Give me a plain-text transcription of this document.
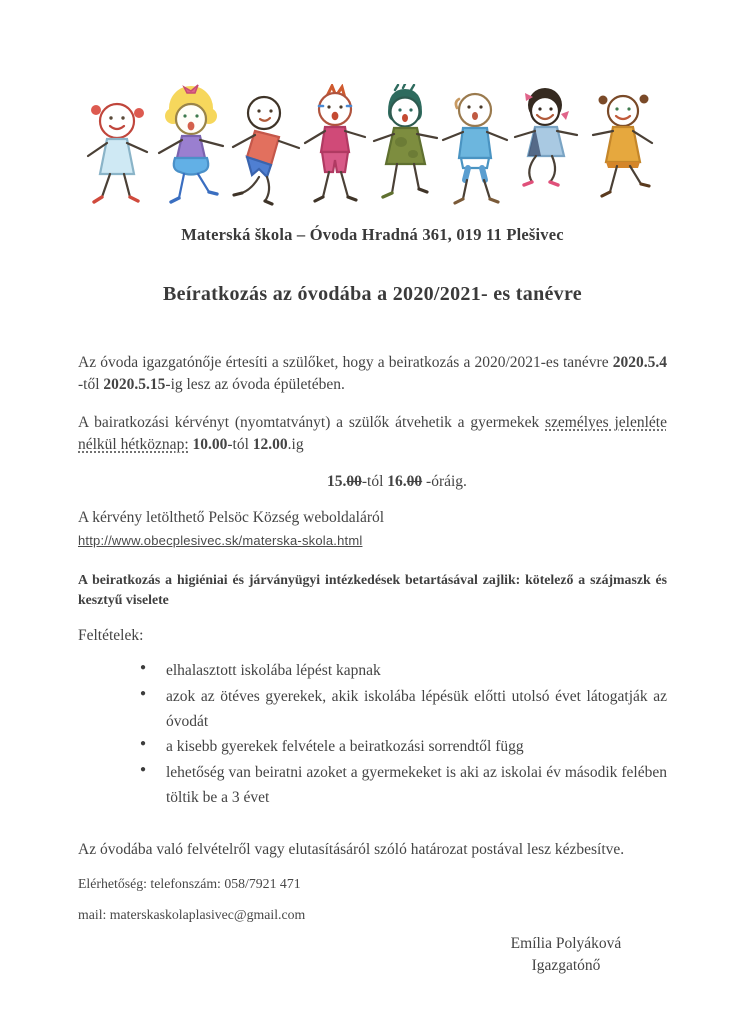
Materská škola – Óvoda Hradná 361, 019 11 Plešivec
Beíratkozás az óvodába a 2020/2021- es tanévre

Az óvoda igazgatónője értesíti a szülőket, hogy a beiratkozás a 2020/2021-es tanévre 2020.5.4 -től 2020.5.15-ig lesz az óvoda épületében.

A bairatkozási kérvényt (nyomtatványt) a szülők átvehetik a gyermekek személyes jelenléte nélkül hétköznap: 10.00-tól 12.00.ig

15.00-tól 16.00 -óráig.
A kérvény letölthető Pelsöc Község weboldaláról
http://www.obecplesivec.sk/materska-skola.html

A beiratkozás a higiéniai és járványügyi intézkedések betartásával zajlik: kötelező a szájmaszk és kesztyű viselete

Feltételek:
● elhalasztott iskolába lépést kapnak
● azok az ötéves gyerekek, akik iskolába lépésük előtti utolsó évet látogatják az óvodát
● a kisebb gyerekek felvétele a beiratkozási sorrendtől függ
● lehetőség van beiratni azoket a gyermekeket is aki az iskolai év második felében töltik be a 3 évet

Az óvodába való felvételről vagy elutasításáról szóló határozat postával lesz kézbesítve.

Elérhetőség: telefonszám: 058/7921 471
mail: materskaskolaplasivec@gmail.com
Emília Polyáková
Igazgatónő
